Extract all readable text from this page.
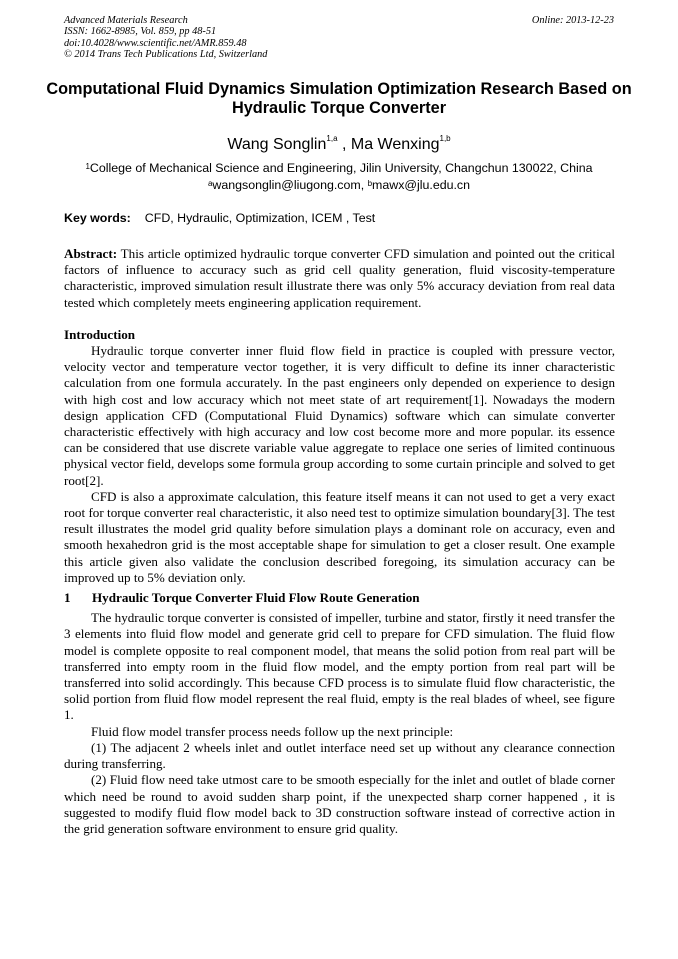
Advanced Materials Research
ISSN: 1662-8985, Vol. 859, pp 48-51
doi:10.4028/www.scientific.net/AMR.859.48
© 2014 Trans Tech Publications Ltd, Switzerland
Online: 2013-12-23
Computational Fluid Dynamics Simulation Optimization Research Based on Hydraulic Torque Converter
Wang Songlin$^{1,a}$ , Ma Wenxing$^{1,b}$
$^1$College of Mechanical Science and Engineering, Jilin University, Changchun 130022, China
$^a$wangsonglin@liugong.com, $^b$mawx@jlu.edu.cn
Key words: CFD, Hydraulic, Optimization, ICEM , Test

Abstract: This article optimized hydraulic torque converter CFD simulation and pointed out the critical factors of influence to accuracy such as grid cell quality generation, fluid viscosity-temperature characteristic, improved simulation result illustrate there was only 5% accuracy deviation from real data tested which completely meets engineering application requirement.

Introduction

Hydraulic torque converter inner fluid flow field in practice is coupled with pressure vector, velocity vector and temperature vector together, it is very difficult to define its inner characteristic calculation from one formula accurately. In the past engineers only depended on experience to design with high cost and low accuracy which not meet state of art requirement[1]. Nowadays the modern design application CFD (Computational Fluid Dynamics) software which can simulate converter characteristic effectively with high accuracy and low cost become more and more popular. its essence can be considered that use discrete variable value aggregate to replace one series of limited continuous physical vector field, develops some formula group according to some curtain principle and solved to get root[2].

CFD is also a approximate calculation, this feature itself means it can not used to get a very exact root for torque converter real characteristic, it also need test to optimize simulation boundary[3]. The test result illustrates the model grid quality before simulation plays a dominant role on accuracy, even and smooth hexahedron grid is the most acceptable shape for simulation to get a closer result. One example this article given also validate the conclusion described foregoing, its simulation accuracy can be improved up to 5% deviation only.

1 Hydraulic Torque Converter Fluid Flow Route Generation

The hydraulic torque converter is consisted of impeller, turbine and stator, firstly it need transfer the 3 elements into fluid flow model and generate grid cell to prepare for CFD simulation. The fluid flow model is complete opposite to real component model, that means the solid potion from real part will be transferred into empty room in the fluid flow model, and the empty portion from real part will be transferred into solid accordingly. This because CFD process is to simulate fluid flow characteristic, the solid portion from fluid flow model represent the real fluid, empty is the real blades of wheel, see figure 1.

Fluid flow model transfer process needs follow up the next principle:

(1) The adjacent 2 wheels inlet and outlet interface need set up without any clearance connection during transferring.

(2) Fluid flow need take utmost care to be smooth especially for the inlet and outlet of blade corner which need be round to avoid sudden sharp point, if the unexpected sharp corner happened , it is suggested to modify fluid flow model back to 3D construction software instead of corrective action in the grid generation software environment to ensure grid quality.
